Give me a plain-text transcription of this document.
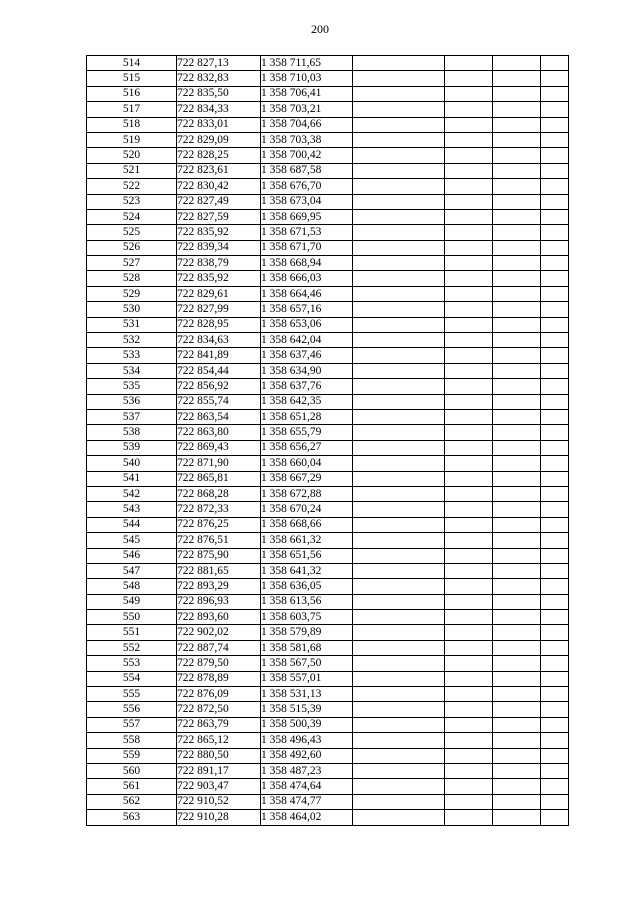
200
514	722 827,13	1 358 711,65				
515	722 832,83	1 358 710,03				
516	722 835,50	1 358 706,41				
517	722 834,33	1 358 703,21				
518	722 833,01	1 358 704,66				
519	722 829,09	1 358 703,38				
520	722 828,25	1 358 700,42				
521	722 823,61	1 358 687,58				
522	722 830,42	1 358 676,70				
523	722 827,49	1 358 673,04				
524	722 827,59	1 358 669,95				
525	722 835,92	1 358 671,53				
526	722 839,34	1 358 671,70				
527	722 838,79	1 358 668,94				
528	722 835,92	1 358 666,03				
529	722 829,61	1 358 664,46				
530	722 827,99	1 358 657,16				
531	722 828,95	1 358 653,06				
532	722 834,63	1 358 642,04				
533	722 841,89	1 358 637,46				
534	722 854,44	1 358 634,90				
535	722 856,92	1 358 637,76				
536	722 855,74	1 358 642,35				
537	722 863,54	1 358 651,28				
538	722 863,80	1 358 655,79				
539	722 869,43	1 358 656,27				
540	722 871,90	1 358 660,04				
541	722 865,81	1 358 667,29				
542	722 868,28	1 358 672,88				
543	722 872,33	1 358 670,24				
544	722 876,25	1 358 668,66				
545	722 876,51	1 358 661,32				
546	722 875,90	1 358 651,56				
547	722 881,65	1 358 641,32				
548	722 893,29	1 358 636,05				
549	722 896,93	1 358 613,56				
550	722 893,60	1 358 603,75				
551	722 902,02	1 358 579,89				
552	722 887,74	1 358 581,68				
553	722 879,50	1 358 567,50				
554	722 878,89	1 358 557,01				
555	722 876,09	1 358 531,13				
556	722 872,50	1 358 515,39				
557	722 863,79	1 358 500,39				
558	722 865,12	1 358 496,43				
559	722 880,50	1 358 492,60				
560	722 891,17	1 358 487,23				
561	722 903,47	1 358 474,64				
562	722 910,52	1 358 474,77				
563	722 910,28	1 358 464,02				
